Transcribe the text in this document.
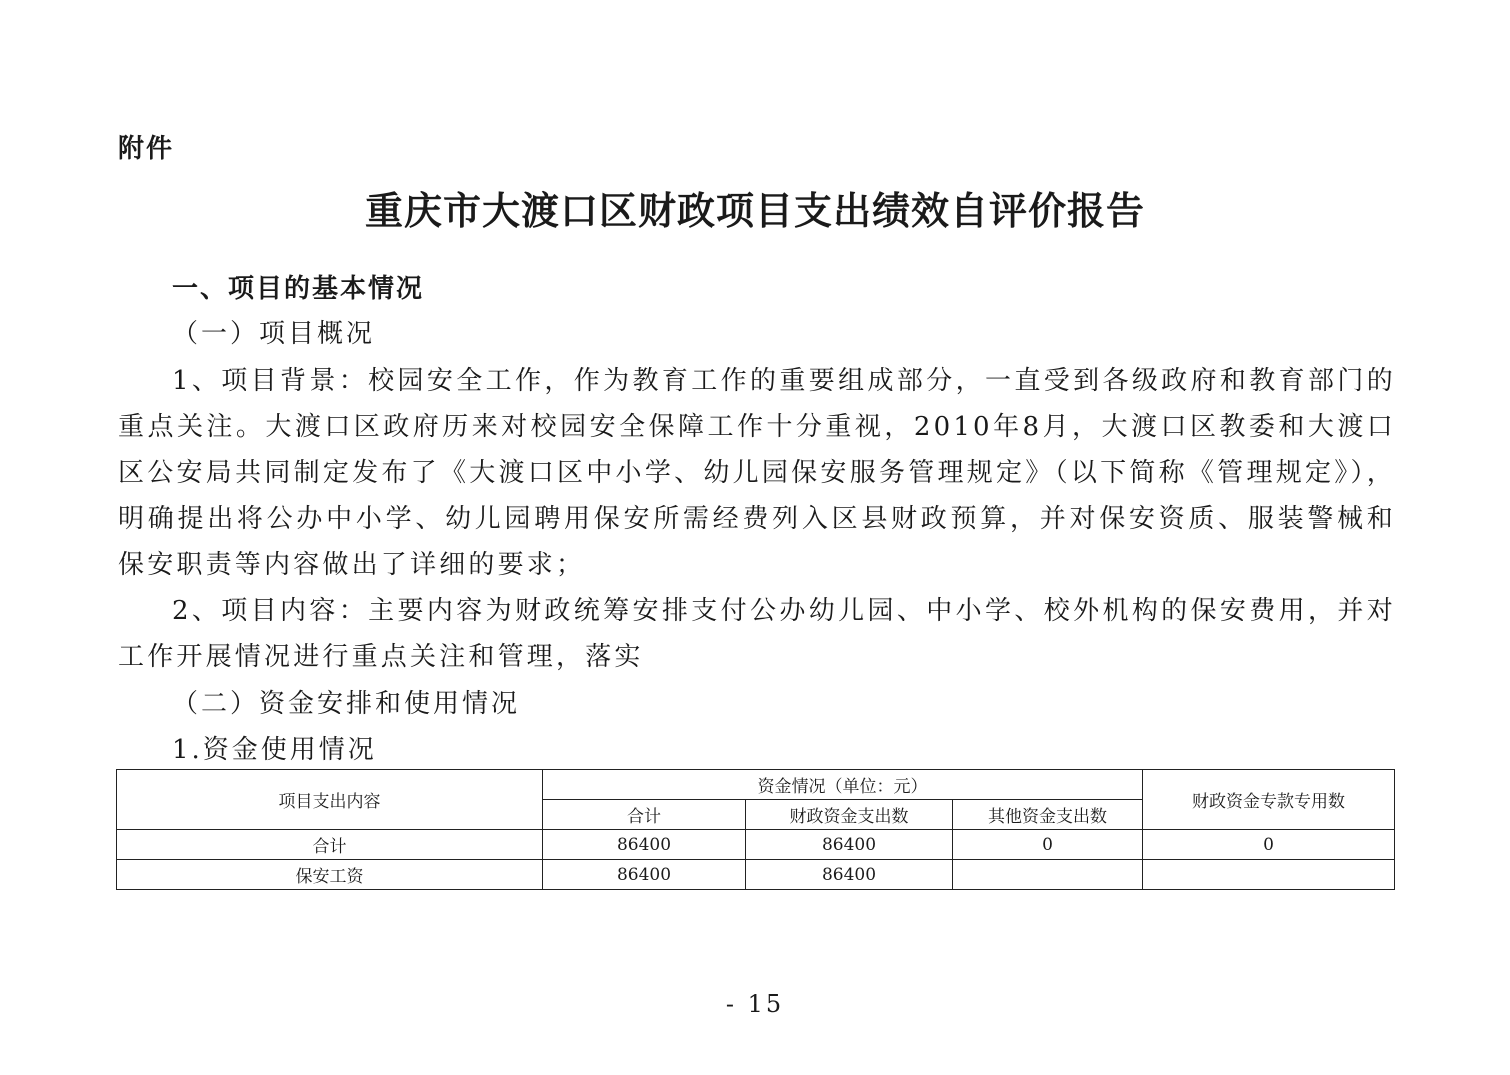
附件
重庆市大渡口区财政项目支出绩效自评价报告
一、项目的基本情况
（一）项目概况
1、项目背景：校园安全工作，作为教育工作的重要组成部分，一直受到各级政府和教育部门的重点关注。大渡口区政府历来对校园安全保障工作十分重视，2010年8月，大渡口区教委和大渡口区公安局共同制定发布了《大渡口区中小学、幼儿园保安服务管理规定》（以下简称《管理规定》），明确提出将公办中小学、幼儿园聘用保安所需经费列入区县财政预算，并对保安资质、服装警械和保安职责等内容做出了详细的要求；
2、项目内容：主要内容为财政统筹安排支付公办幼儿园、中小学、校外机构的保安费用，并对工作开展情况进行重点关注和管理，落实
（二）资金安排和使用情况
1.资金使用情况
项目支出内容	资金情况（单位：元）			财政资金专款专用数
	合计	财政资金支出数	其他资金支出数	
合计	86400	86400	0	0
保安工资	86400	86400		
- 15
